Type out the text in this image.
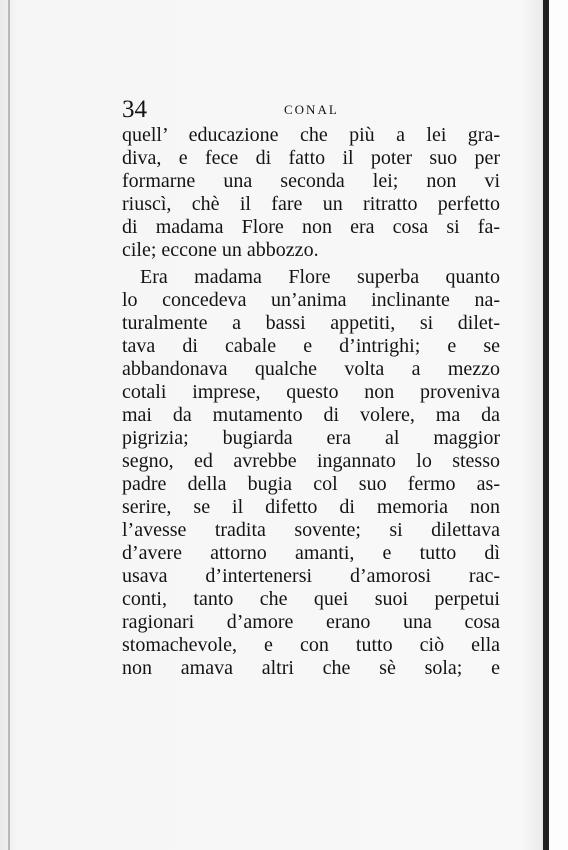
34	CONAL
quell’ educazione che più a lei gra-
diva, e fece di fatto il poter suo per
formarne una seconda lei; non vi
riuscì, chè il fare un ritratto perfetto
di madama Flore non era cosa si fa-
cile; eccone un abbozzo.
Era madama Flore superba quanto
lo concedeva un’anima inclinante na-
turalmente a bassi appetiti, si dilet-
tava di cabale e d’intrighi; e se
abbandonava qualche volta a mezzo
cotali imprese, questo non proveniva
mai da mutamento di volere, ma da
pigrizia; bugiarda era al maggior
segno, ed avrebbe ingannato lo stesso
padre della bugia col suo fermo as-
serire, se il difetto di memoria non
l’avesse tradita sovente; si dilettava
d’avere attorno amanti, e tutto dì
usava d’intertenersi d’amorosi rac-
conti, tanto che quei suoi perpetui
ragionari d’amore erano una cosa
stomachevole, e con tutto ciò ella
non amava altri che sè sola; e
